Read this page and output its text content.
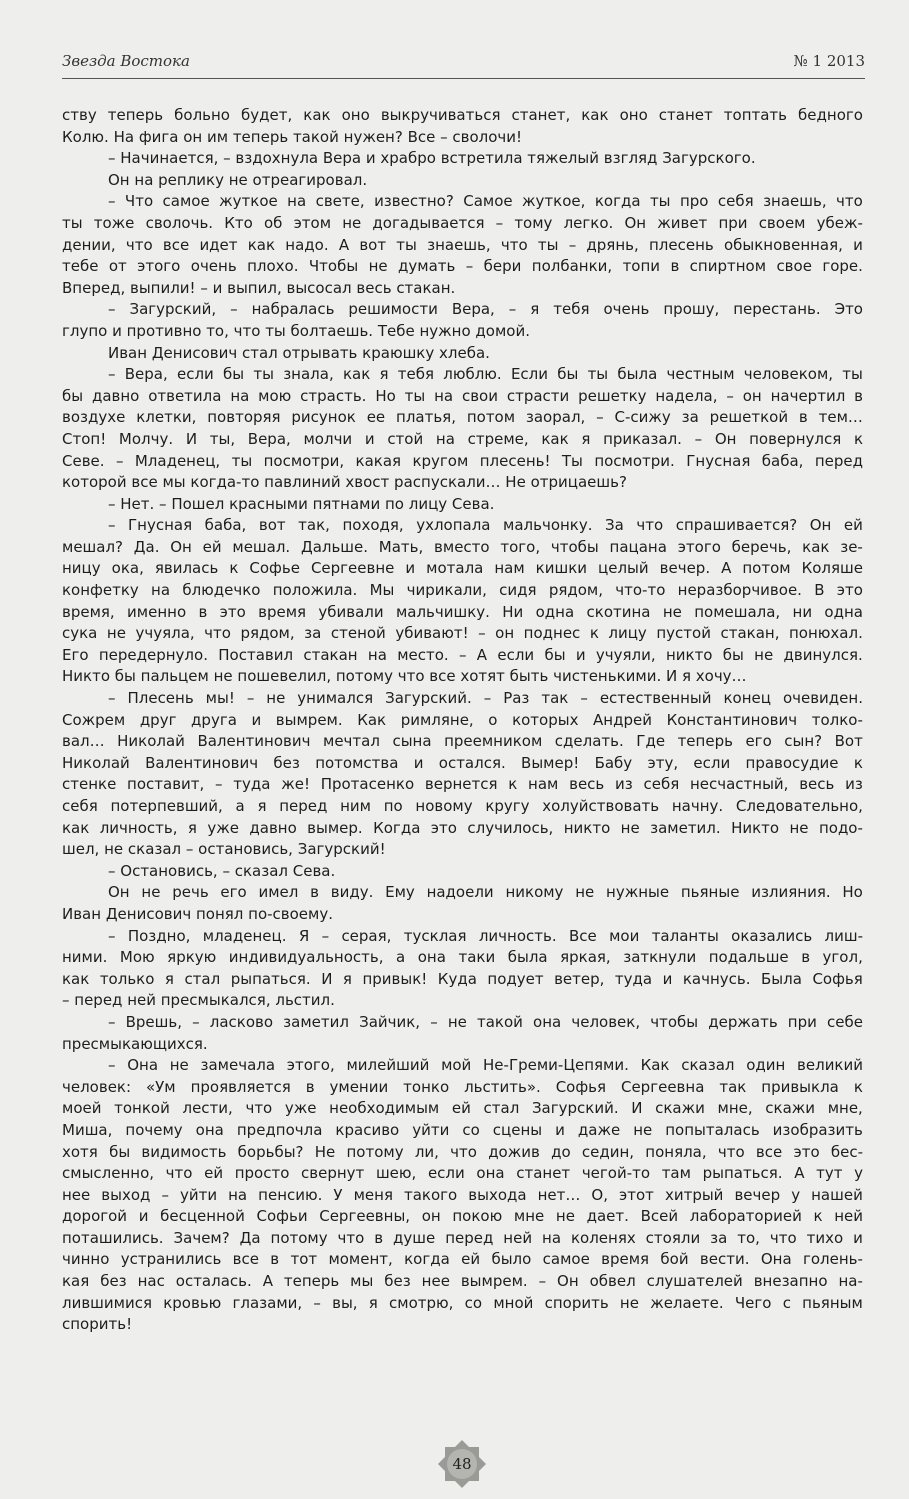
Звезда Востока	№ 1 2013
ству теперь больно будет, как оно выкручиваться станет, как оно станет топтать бедного
Колю. На фига он им теперь такой нужен? Все – сволочи!
– Начинается, – вздохнула Вера и храбро встретила тяжелый взгляд Загурского.
Он на реплику не отреагировал.
– Что самое жуткое на свете, известно? Самое жуткое, когда ты про себя знаешь, что
ты тоже сволочь. Кто об этом не догадывается – тому легко. Он живет при своем убеж-
дении, что все идет как надо. А вот ты знаешь, что ты – дрянь, плесень обыкновенная, и
тебе от этого очень плохо. Чтобы не думать – бери полбанки, топи в спиртном свое горе.
Вперед, выпили! – и выпил, высосал весь стакан.
– Загурский, – набралась решимости Вера, – я тебя очень прошу, перестань. Это
глупо и противно то, что ты болтаешь. Тебе нужно домой.
Иван Денисович стал отрывать краюшку хлеба.
– Вера, если бы ты знала, как я тебя люблю. Если бы ты была честным человеком, ты
бы давно ответила на мою страсть. Но ты на свои страсти решетку надела, – он начертил в
воздухе клетки, повторяя рисунок ее платья, потом заорал, – С-сижу за решеткой в тем…
Стоп! Молчу. И ты, Вера, молчи и стой на стреме, как я приказал. – Он повернулся к
Севе. – Младенец, ты посмотри, какая кругом плесень! Ты посмотри. Гнусная баба, перед
которой все мы когда-то павлиний хвост распускали… Не отрицаешь?
– Нет. – Пошел красными пятнами по лицу Сева.
– Гнусная баба, вот так, походя, ухлопала мальчонку. За что спрашивается? Он ей
мешал? Да. Он ей мешал. Дальше. Мать, вместо того, чтобы пацана этого беречь, как зе-
ницу ока, явилась к Софье Сергеевне и мотала нам кишки целый вечер. А потом Коляше
конфетку на блюдечко положила. Мы чирикали, сидя рядом, что-то неразборчивое. В это
время, именно в это время убивали мальчишку. Ни одна скотина не помешала, ни одна
сука не учуяла, что рядом, за стеной убивают! – он поднес к лицу пустой стакан, понюхал.
Его передернуло. Поставил стакан на место. – А если бы и учуяли, никто бы не двинулся.
Никто бы пальцем не пошевелил, потому что все хотят быть чистенькими. И я хочу…
– Плесень мы! – не унимался Загурский. – Раз так – естественный конец очевиден.
Сожрем друг друга и вымрем. Как римляне, о которых Андрей Константинович толко-
вал… Николай Валентинович мечтал сына преемником сделать. Где теперь его сын? Вот
Николай Валентинович без потомства и остался. Вымер! Бабу эту, если правосудие к
стенке поставит, – туда же! Протасенко вернется к нам весь из себя несчастный, весь из
себя потерпевший, а я перед ним по новому кругу холуйствовать начну. Следовательно,
как личность, я уже давно вымер. Когда это случилось, никто не заметил. Никто не подо-
шел, не сказал – остановись, Загурский!
– Остановись, – сказал Сева.
Он не речь его имел в виду. Ему надоели никому не нужные пьяные излияния. Но
Иван Денисович понял по-своему.
– Поздно, младенец. Я – серая, тусклая личность. Все мои таланты оказались лиш-
ними. Мою яркую индивидуальность, а она таки была яркая, заткнули подальше в угол,
как только я стал рыпаться. И я привык! Куда подует ветер, туда и качнусь. Была Софья
– перед ней пресмыкался, льстил.
– Врешь, – ласково заметил Зайчик, – не такой она человек, чтобы держать при себе
пресмыкающихся.
– Она не замечала этого, милейший мой Не-Греми-Цепями. Как сказал один великий
человек: «Ум проявляется в умении тонко льстить». Софья Сергеевна так привыкла к
моей тонкой лести, что уже необходимым ей стал Загурский. И скажи мне, скажи мне,
Миша, почему она предпочла красиво уйти со сцены и даже не попыталась изобразить
хотя бы видимость борьбы? Не потому ли, что дожив до седин, поняла, что все это бес-
смысленно, что ей просто свернут шею, если она станет чегой-то там рыпаться. А тут у
нее выход – уйти на пенсию. У меня такого выхода нет… О, этот хитрый вечер у нашей
дорогой и бесценной Софьи Сергеевны, он покою мне не дает. Всей лабораторией к ней
поташились. Зачем? Да потому что в душе перед ней на коленях стояли за то, что тихо и
чинно устранились все в тот момент, когда ей было самое время бой вести. Она голень-
кая без нас осталась. А теперь мы без нее вымрем. – Он обвел слушателей внезапно на-
лившимися кровью глазами, – вы, я смотрю, со мной спорить не желаете. Чего с пьяным
спорить!
48
